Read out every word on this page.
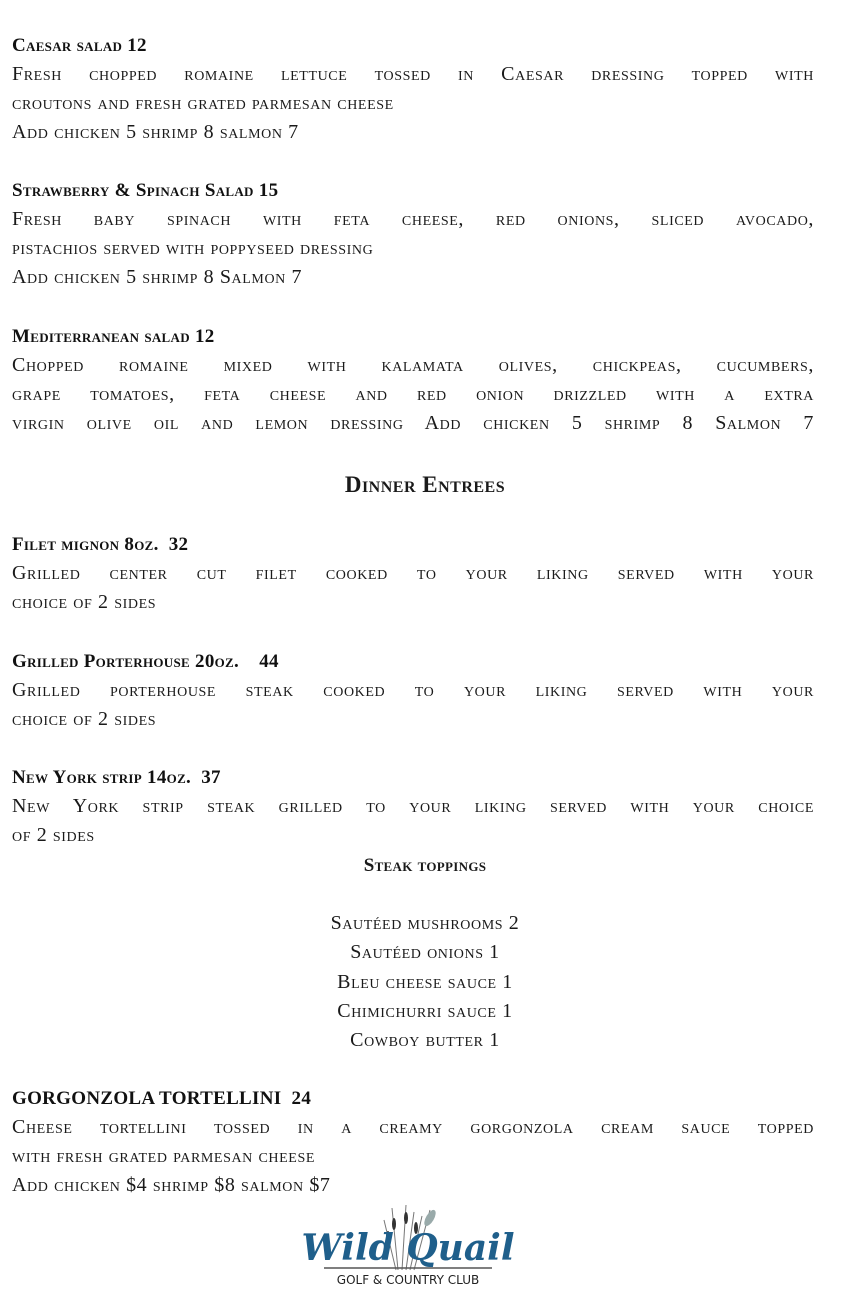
Caesar salad 12
Fresh chopped romaine lettuce tossed in Caesar dressing topped with
croutons and fresh grated parmesan cheese
Add chicken 5 shrimp 8 salmon 7
Strawberry & Spinach Salad 15
Fresh baby spinach with feta cheese, red onions, sliced avocado,
pistachios served with poppyseed dressing
Add chicken 5 shrimp 8 Salmon 7
Mediterranean salad 12
Chopped romaine mixed with kalamata olives, chickpeas, cucumbers,
grape tomatoes, feta cheese and red onion drizzled with a extra
virgin olive oil and lemon dressing Add chicken 5 shrimp 8 Salmon 7
Dinner Entrees
Filet mignon 8oz.  32
Grilled center cut filet cooked to your liking served with your
choice of 2 sides
Grilled Porterhouse 20oz.    44
Grilled porterhouse steak cooked to your liking served with your
choice of 2 sides
New York strip 14oz.  37
New York strip steak grilled to your liking served with your choice
of 2 sides
Steak toppings
Sautéed mushrooms 2
Sautéed onions 1
Bleu cheese sauce 1
Chimichurri sauce 1
Cowboy butter 1
GORGONZOLA TORTELLINI  24
Cheese tortellini tossed in a creamy gorgonzola cream sauce topped
with fresh grated parmesan cheese
Add chicken $4 shrimp $8 salmon $7
Wild Quail
GOLF & COUNTRY CLUB
